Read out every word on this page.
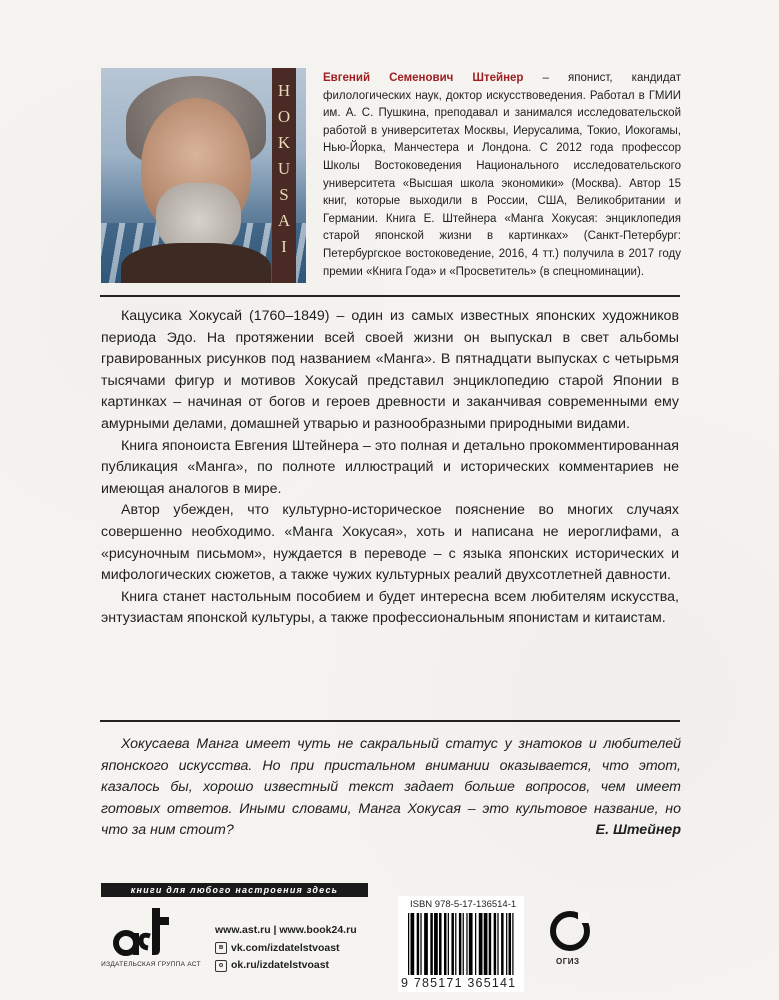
H
O
K
U
S
A
I
Евгений Семенович Штейнер – японист, кандидат филологических наук, доктор искусствоведения. Работал в ГМИИ им. А. С. Пушкина, преподавал и занимался исследовательской работой в университетах Москвы, Иерусалима, Токио, Иокогамы, Нью-Йорка, Манчестера и Лондона. С 2012 года профессор Школы Востоковедения Национального исследовательского университета «Высшая школа экономики» (Москва). Автор 15 книг, которые выходили в России, США, Великобритании и Германии. Книга Е. Штейнера «Манга Хокусая: энциклопедия старой японской жизни в картинках» (Санкт-Петербург: Петербургское востоковедение, 2016, 4 тт.) получила в 2017 году премии «Книга Года» и «Просветитель» (в спецноминации).

Кацусика Хокусай (1760–1849) – один из самых известных японских художников периода Эдо. На протяжении всей своей жизни он выпускал в свет альбомы гравированных рисунков под названием «Манга». В пятнадцати выпусках с четырьмя тысячами фигур и мотивов Хокусай представил энциклопедию старой Японии в картинках – начиная от богов и героев древности и заканчивая современными ему амурными делами, домашней утварью и разнообразными природными видами.

Книга японоиста Евгения Штейнера – это полная и детально прокомментированная публикация «Манга», по полноте иллюстраций и исторических комментариев не имеющая аналогов в мире.

Автор убежден, что культурно-историческое пояснение во многих случаях совершенно необходимо. «Манга Хокусая», хоть и написана не иероглифами, а «рисуночным письмом», нуждается в переводе – с языка японских исторических и мифологических сюжетов, а также чужих культурных реалий двухсотлетней давности.

Книга станет настольным пособием и будет интересна всем любителям искусства, энтузиастам японской культуры, а также профессиональным японистам и китаистам.

Хокусаева Манга имеет чуть не сакральный статус у знатоков и любителей японского искусства. Но при пристальном внимании оказывается, что этот, казалось бы, хорошо известный текст задает больше вопросов, чем имеет готовых ответов. Иными словами, Манга Хокусая – это культовое название, но что за ним стоит?	Е. Штейнер
книги для любого настроения здесь
ИЗДАТЕЛЬСКАЯ ГРУППА АСТ
www.ast.ru | www.book24.ru
в vk.com/izdatelstvoast
о ok.ru/izdatelstvoast
ISBN 978-5-17-136514-1
9 785171 365141
ОГИЗ
